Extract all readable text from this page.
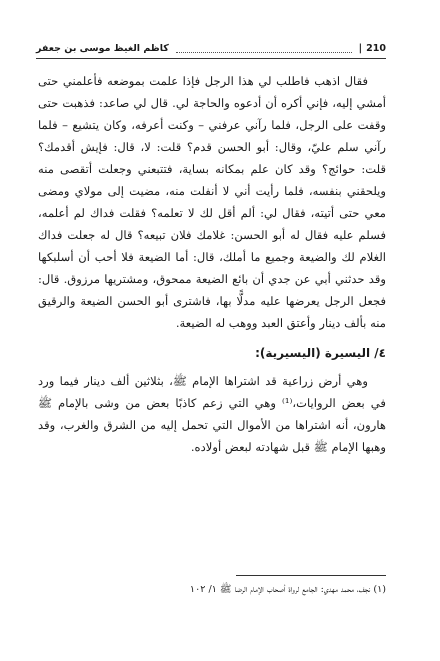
210
|
كاظم الغيظ موسى بن جعفر

فقال اذهب فاطلب لي هذا الرجل فإذا علمت بموضعه فأعلمني حتى أمشي إليه، فإني أكره أن أدعوه والحاجة لي. قال لي صاعد: فذهبت حتى وقفت على الرجل، فلما رآني عرفني – وكنت أعرفه، وكان يتشيع – فلما رآني سلم عليّ، وقال: أبو الحسن قدم؟ قلت: لا، قال: فإيش أقدمك؟ قلت: حوائج؟ وقد كان علم بمكانه بساية، فتتبعني وجعلت أتقصى منه ويلحقني بنفسه، فلما رأيت أني لا أنفلت منه، مضيت إلى مولاي ومضى معي حتى أتيته، فقال لي: ألم أقل لك لا تعلمه؟ فقلت فداك لم أعلمه، فسلم عليه فقال له أبو الحسن: غلامك فلان تبيعه؟ قال له جعلت فداك الغلام لك والضيعة وجميع ما أملك، قال: أما الضيعة فلا أحب أن أسلبكها وقد حدثني أبي عن جدي أن بائع الضيعة ممحوق، ومشتريها مرزوق. قال: فجعل الرجل يعرضها عليه مدلًّا بها، فاشترى أبو الحسن الضيعة والرقيق منه بألف دينار وأعتق العبد ووهب له الضيعة.

٤/ اليسيرة (اليسيرية):

وهي أرض زراعية قد اشتراها الإمام ﷺ، بثلاثين ألف دينار فيما ورد في بعض الروايات،⁽¹⁾ وهي التي زعم كاذبًا بعض من وشى بالإمام ﷺ هارون، أنه اشتراها من الأموال التي تحمل إليه من الشرق والغرب، وقد وهبها الإمام ﷺ قبل شهادته لبعض أولاده.

(١) نجف، محمد مهدي: الجامع لرواة أصحاب الإمام الرضا ﷺ ١/ ١٠٢
